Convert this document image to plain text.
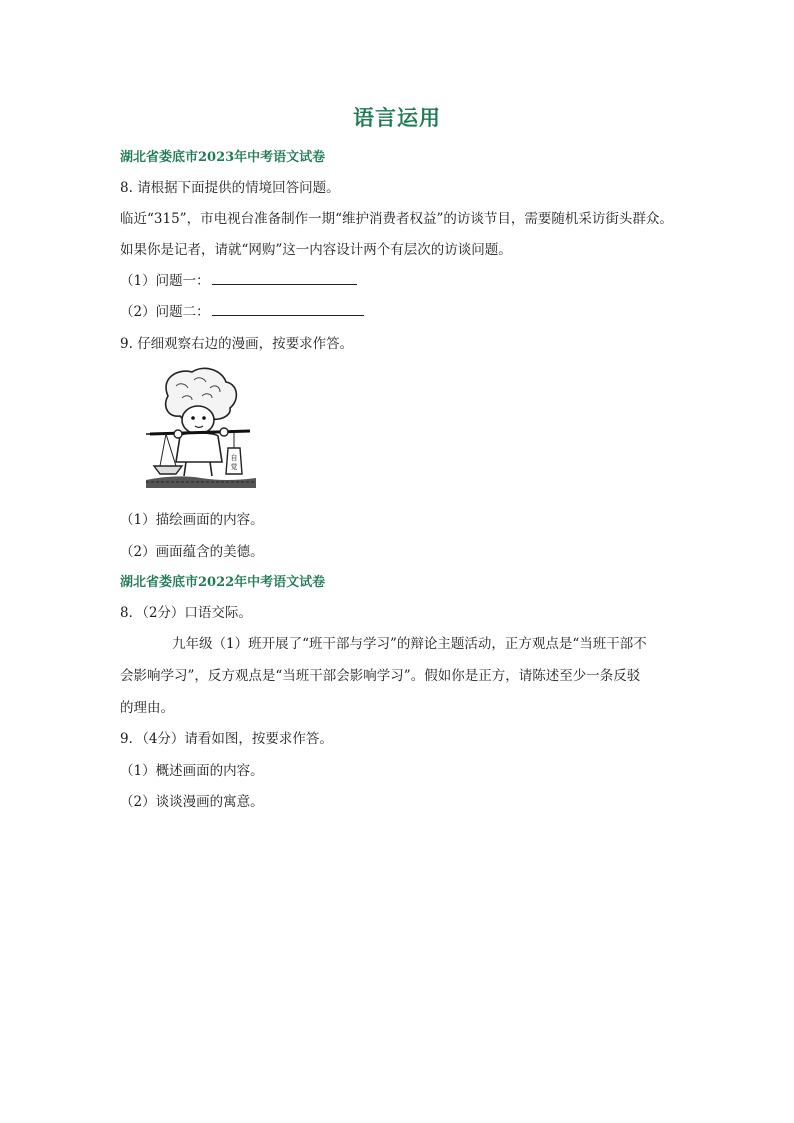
语言运用
湖北省娄底市2023年中考语文试卷
8. 请根据下面提供的情境回答问题。
临近“315”，市电视台准备制作一期“维护消费者权益”的访谈节目，需要随机采访街头群众。
如果你是记者，请就“网购”这一内容设计两个有层次的访谈问题。
（1）问题一：
（2）问题二：
9. 仔细观察右边的漫画，按要求作答。
自
觉
（1）描绘画面的内容。
（2）画面蕴含的美德。
湖北省娄底市2022年中考语文试卷
8．（2分）口语交际。
九年级（1）班开展了“班干部与学习”的辩论主题活动，正方观点是“当班干部不
会影响学习”，反方观点是“当班干部会影响学习”。假如你是正方，请陈述至少一条反驳
的理由。
9．（4分）请看如图，按要求作答。
（1）概述画面的内容。
（2）谈谈漫画的寓意。
